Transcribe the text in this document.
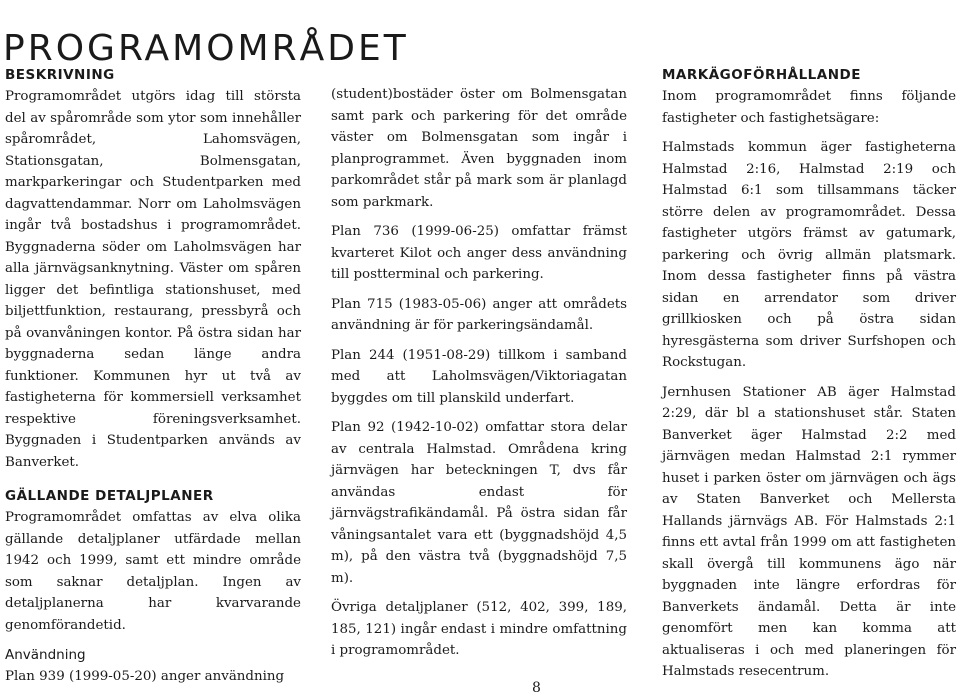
PROGRAMOMRÅDET

BESKRIVNING

Programområdet utgörs idag till största del av spårområde som ytor som innehåller spårområdet, Lahomsvägen, Stationsgatan, Bolmensgatan, markparkeringar och Studentparken med dagvattendammar. Norr om Laholmsvägen ingår två bostadshus i programområdet. Byggnaderna söder om Laholmsvägen har alla järnvägsanknytning. Väster om spåren ligger det befintliga stationshuset, med biljettfunktion, restaurang, pressbyrå och på ovanvåningen kontor. På östra sidan har byggnaderna sedan länge andra funktioner. Kommunen hyr ut två av fastigheterna för kommersiell verksamhet respektive föreningsverksamhet. Byggnaden i Studentparken används av Banverket.

GÄLLANDE DETALJPLANER

Programområdet omfattas av elva olika gällande detaljplaner utfärdade mellan 1942 och 1999, samt ett mindre område som saknar detaljplan. Ingen av detaljplanerna har kvarvarande genomförandetid.

Användning

Plan 939 (1999-05-20) anger användning

(student)bostäder öster om Bolmensgatan samt park och parkering för det område väster om Bolmensgatan som ingår i planprogrammet. Även byggnaden inom parkområdet står på mark som är planlagd som parkmark.

Plan 736 (1999-06-25) omfattar främst kvarteret Kilot och anger dess användning till postterminal och parkering.

Plan 715 (1983-05-06) anger att områdets användning är för parkeringsändamål.

Plan 244 (1951-08-29) tillkom i samband med att Laholmsvägen/Viktoriagatan byggdes om till planskild underfart.

Plan 92 (1942-10-02) omfattar stora delar av centrala Halmstad. Områdena kring järnvägen har beteckningen T, dvs får användas endast för järnvägstrafikändamål. På östra sidan får våningsantalet vara ett (byggnadshöjd 4,5 m), på den västra två (byggnadshöjd 7,5 m).

Övriga detaljplaner (512, 402, 399, 189, 185, 121) ingår endast i mindre omfattning i programområdet.

MARKÄGOFÖRHÅLLANDE

Inom programområdet finns följande fastigheter och fastighetsägare:

Halmstads kommun äger fastigheterna Halmstad 2:16, Halmstad 2:19 och Halmstad 6:1 som tillsammans täcker större delen av programområdet. Dessa fastigheter utgörs främst av gatumark, parkering och övrig allmän platsmark. Inom dessa fastigheter finns på västra sidan en arrendator som driver grillkiosken och på östra sidan hyresgästerna som driver Surfshopen och Rockstugan.

Jernhusen Stationer AB äger Halmstad 2:29, där bl a stationshuset står. Staten Banverket äger Halmstad 2:2 med järnvägen medan Halmstad 2:1 rymmer huset i parken öster om järnvägen och ägs av Staten Banverket och Mellersta Hallands järnvägs AB. För Halmstads 2:1 finns ett avtal från 1999 om att fastigheten skall övergå till kommunens ägo när byggnaden inte längre erfordras för Banverkets ändamål. Detta är inte genomfört men kan komma att aktualiseras i och med planeringen för Halmstads resecentrum.

8
